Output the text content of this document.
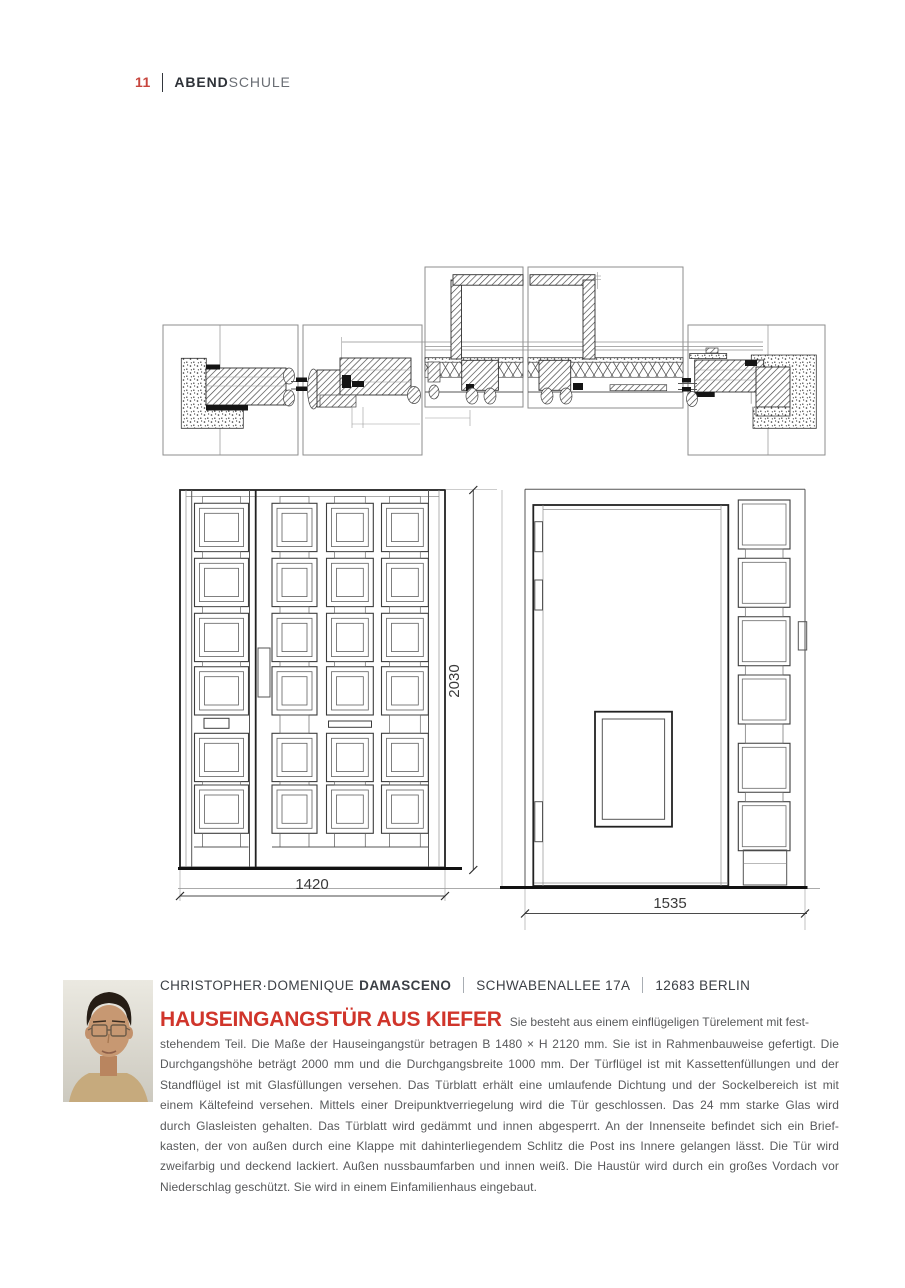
11 ABENDSCHULE
1420
2030
1535
CHRISTOPHER·DOMENIQUE DAMASCENO SCHWABENALLEE 17A 12683 BERLIN
HAUSEINGANGSTÜR AUS KIEFER Sie besteht aus einem einflügeligen Türelement mit fest-
stehendem Teil. Die Maße der Hauseingangstür betragen B 1480 × H 2120 mm. Sie ist in Rahmenbauweise gefertigt. Die
Durchgangshöhe beträgt 2000 mm und die Durchgangsbreite 1000 mm. Der Türflügel ist mit Kassettenfüllungen und der
Standflügel ist mit Glasfüllungen versehen. Das Türblatt erhält eine umlaufende Dichtung und der Sockelbereich ist mit
einem Kältefeind versehen. Mittels einer Dreipunktverriegelung wird die Tür geschlossen. Das 24 mm starke Glas wird
durch Glasleisten gehalten. Das Türblatt wird gedämmt und innen abgesperrt. An der Innenseite befindet sich ein Brief-
kasten, der von außen durch eine Klappe mit dahinterliegendem Schlitz die Post ins Innere gelangen lässt. Die Tür wird
zweifarbig und deckend lackiert. Außen nussbaumfarben und innen weiß. Die Haustür wird durch ein großes Vordach vor
Niederschlag geschützt. Sie wird in einem Einfamilienhaus eingebaut.
